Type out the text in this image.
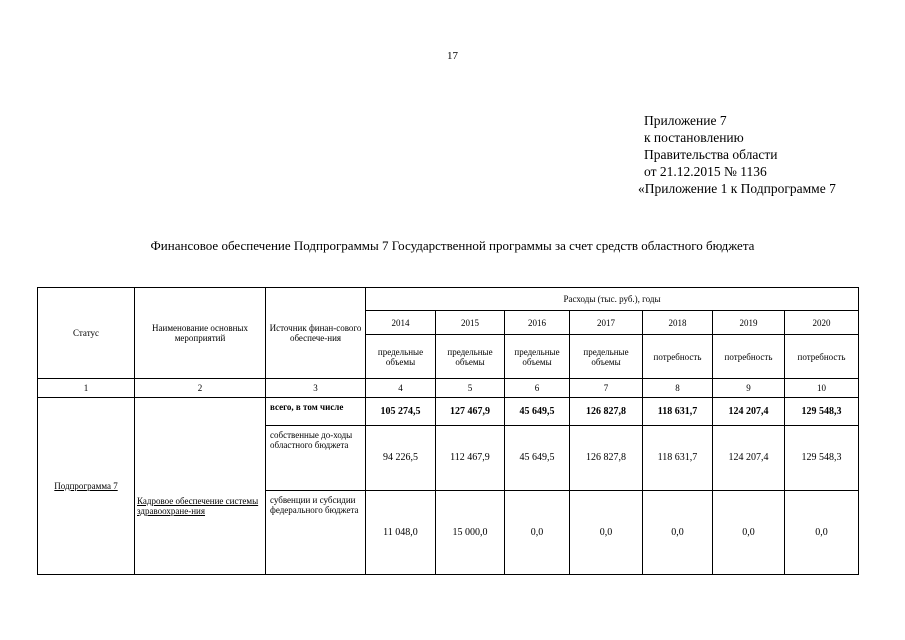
17
Приложение 7
к постановлению
Правительства области
от 21.12.2015 № 1136
«Приложение 1 к Подпрограмме 7
Финансовое обеспечение Подпрограммы 7 Государственной программы за счет средств областного бюджета
Статус	Наименование основных мероприятий	Источник финан-сового обеспече-ния	Расходы (тыс. руб.), годы						
			2014	2015	2016	2017	2018	2019	2020
			предельные объемы	предельные объемы	предельные объемы	предельные объемы	потребность	потребность	потребность
1	2	3	4	5	6	7	8	9	10
Подпрограмма 7	Кадровое обеспечение системы здравоохране-ния	всего, в том числе	105 274,5	127 467,9	45 649,5	126 827,8	118 631,7	124 207,4	129 548,3
		собственные до-ходы областного бюджета	94 226,5	112 467,9	45 649,5	126 827,8	118 631,7	124 207,4	129 548,3
		субвенции и субсидии федерального бюджета	11 048,0	15 000,0	0,0	0,0	0,0	0,0	0,0
